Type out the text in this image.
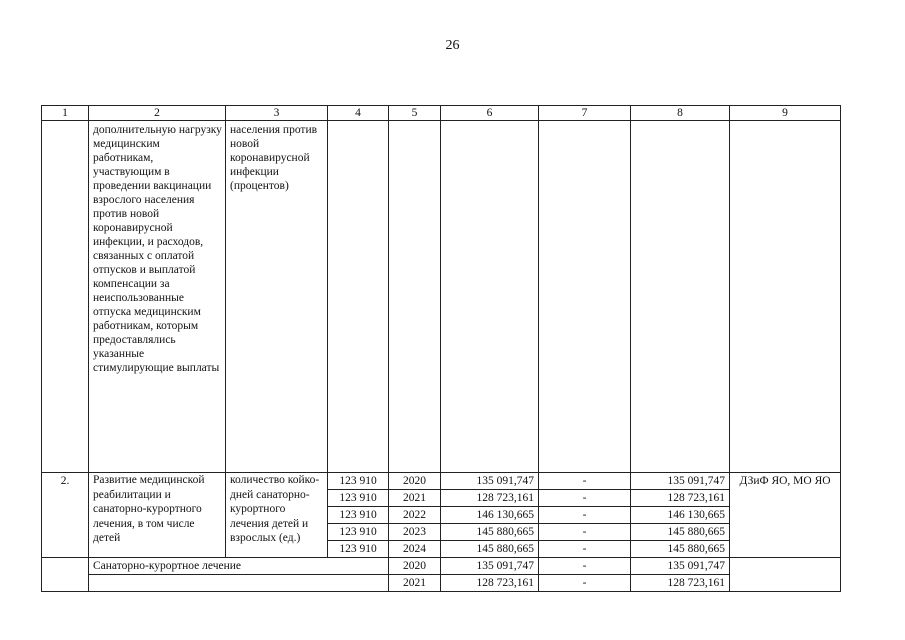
26
1	2	3	4	5	6	7	8	9
	дополнительную нагрузку медицинским работникам, участвующим в проведении вакцинации взрослого населения против новой коронавирусной инфекции, и расходов, связанных с оплатой отпусков и выплатой компенсации за неиспользованные отпуска медицинским работникам, которым предоставлялись указанные стимулирующие выплаты	населения против новой коронавирусной инфекции (процентов)						
2.	Развитие медицинской реабилитации и санаторно-курортного лечения, в том числе детей	количество койко-дней санаторно-курортного лечения детей и взрослых (ед.)	123 910	2020	135 091,747	-	135 091,747	ДЗиФ ЯО, МО ЯО
			123 910	2021	128 723,161	-	128 723,161	
			123 910	2022	146 130,665	-	146 130,665	
			123 910	2023	145 880,665	-	145 880,665	
			123 910	2024	145 880,665	-	145 880,665	
	Санаторно-курортное лечение			2020	135 091,747	-	135 091,747	
				2021	128 723,161	-	128 723,161	
